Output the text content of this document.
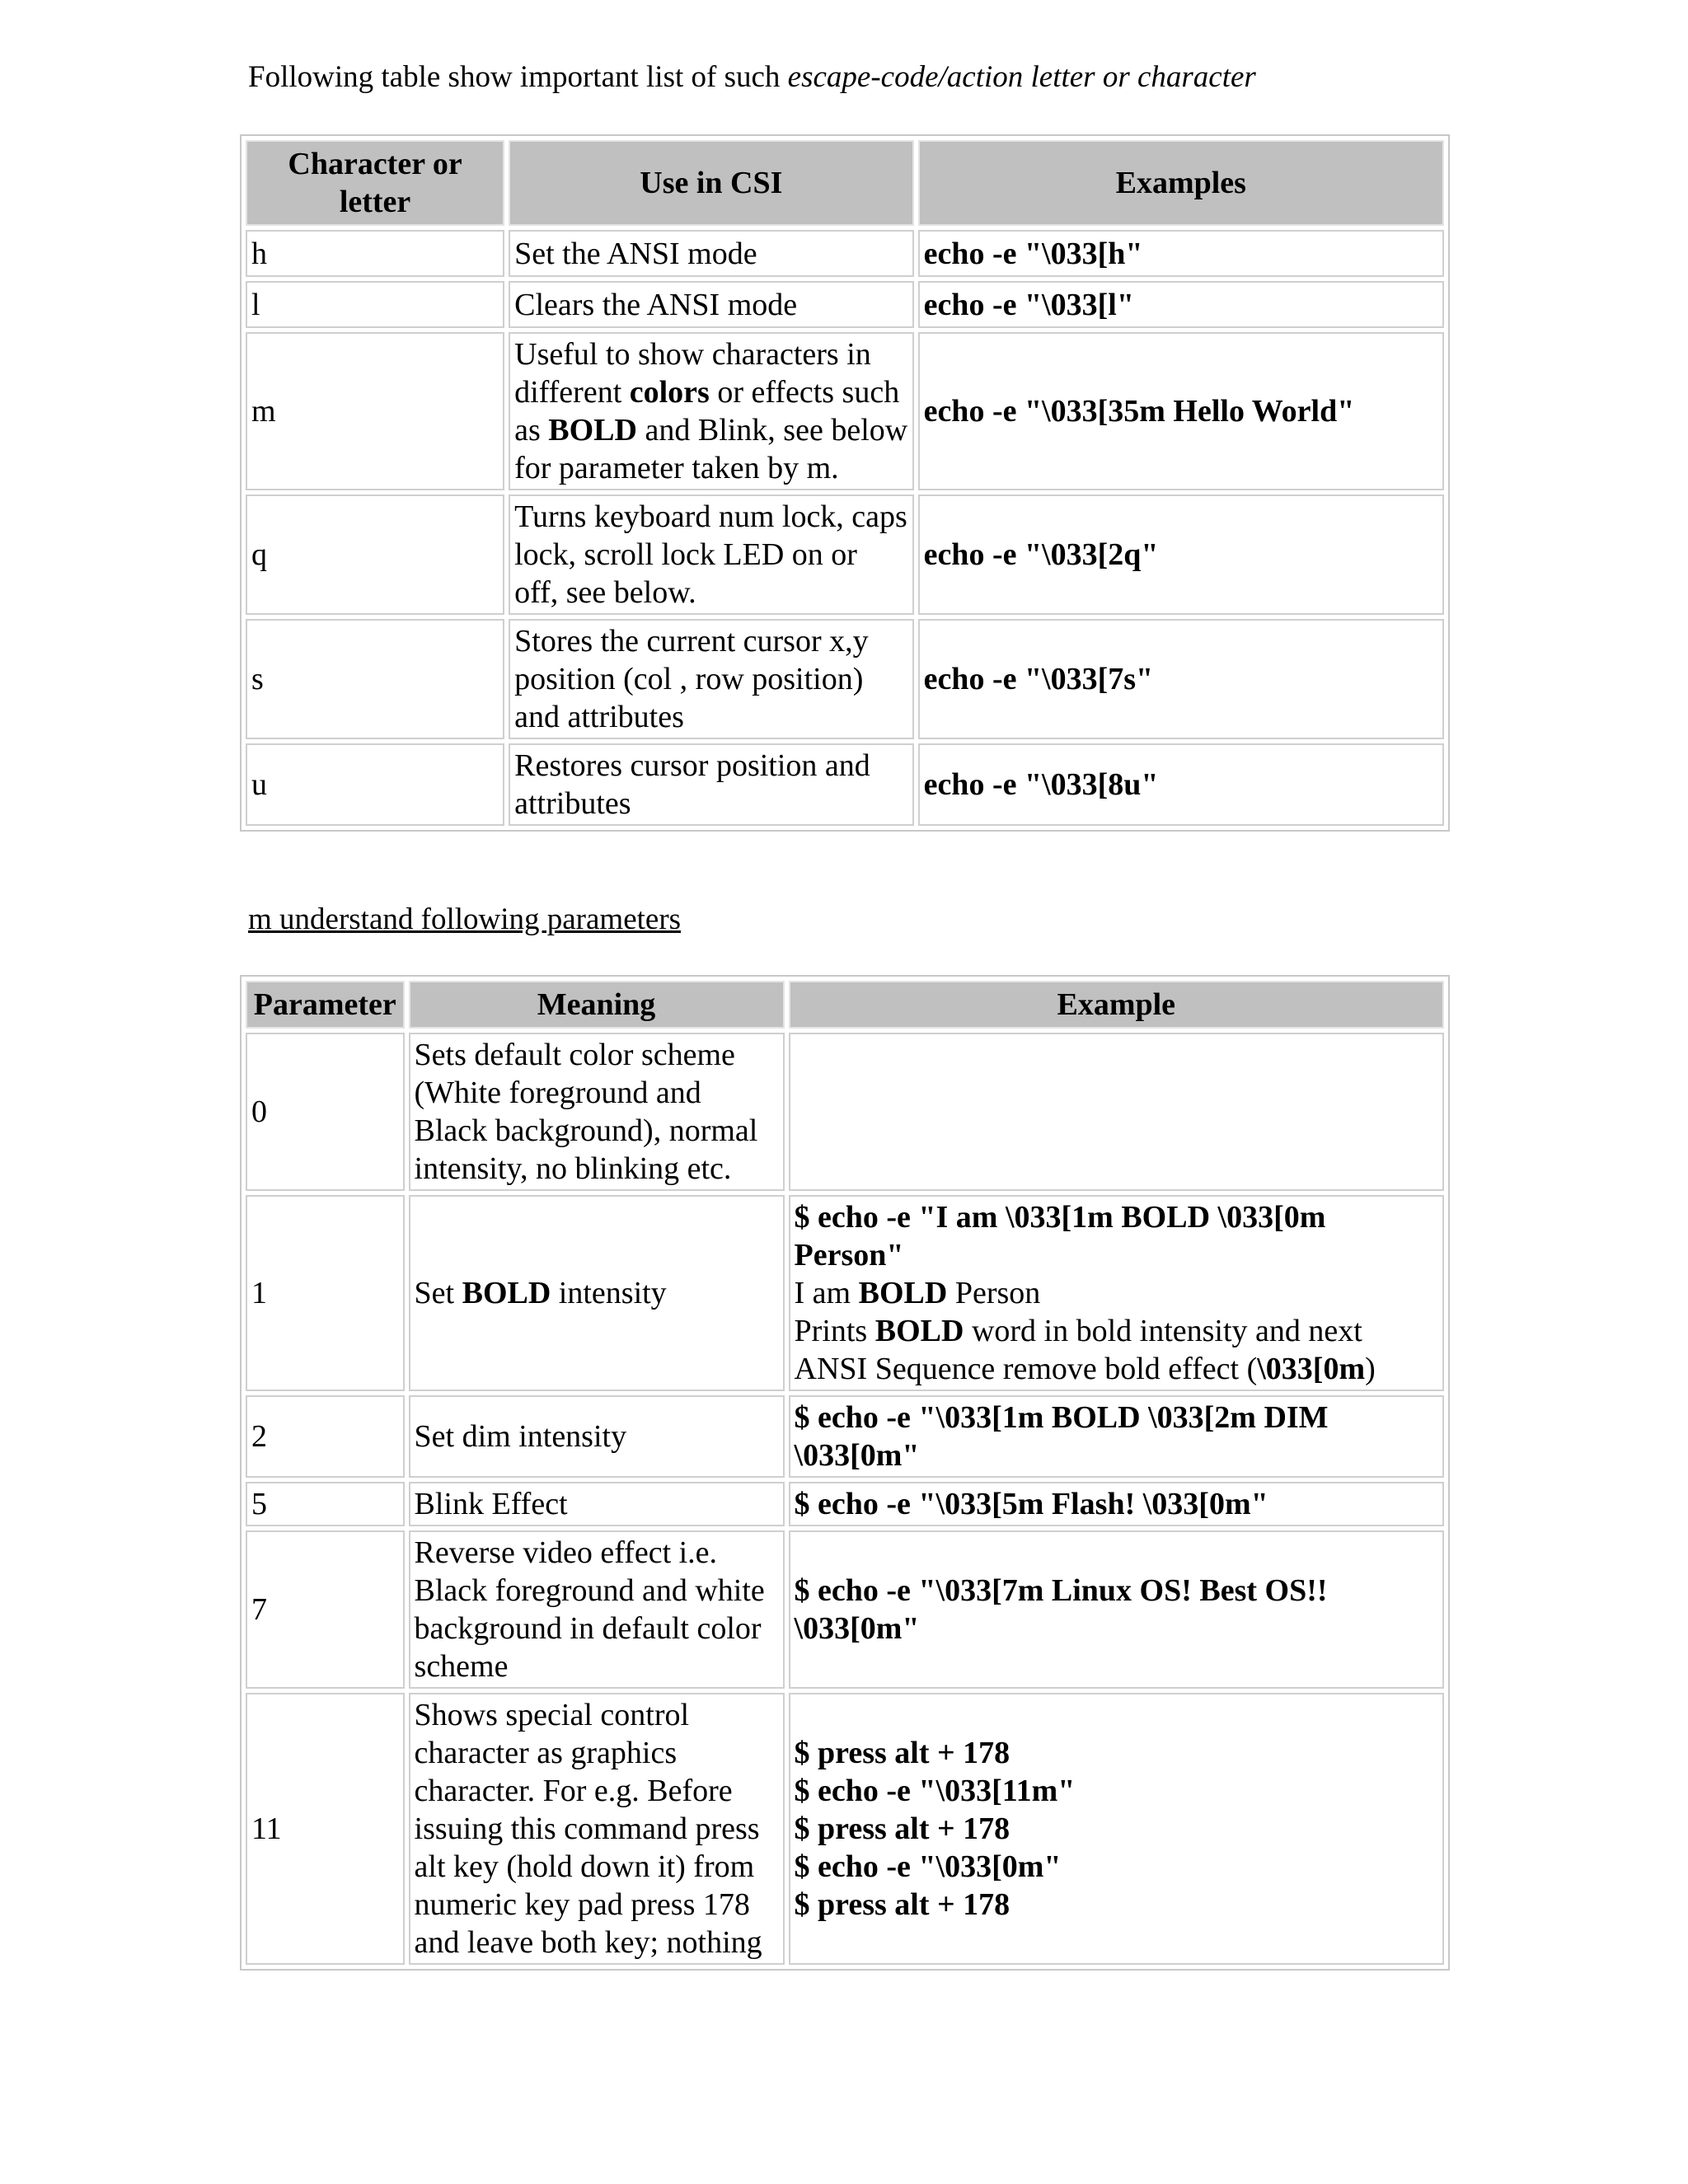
Following table show important list of such escape-code/action letter or character

Character or letter	Use in CSI	Examples
h	Set the ANSI mode	echo -e "\033[h"
l	Clears the ANSI mode	echo -e "\033[l"
m	Useful to show characters in different colors or effects such as BOLD and Blink, see below for parameter taken by m.	echo -e "\033[35m Hello World"
q	Turns keyboard num lock, caps lock, scroll lock LED on or off, see below.	echo -e "\033[2q"
s	Stores the current cursor x,y position (col , row position) and attributes	echo -e "\033[7s"
u	Restores cursor position and attributes	echo -e "\033[8u"

m understand following parameters

Parameter	Meaning	Example
0	Sets default color scheme (White foreground and Black background), normal intensity, no blinking etc.	
1	Set BOLD intensity	$ echo -e "I am \033[1m BOLD \033[0m Person"
I am BOLD Person
Prints BOLD word in bold intensity and next ANSI Sequence remove bold effect (\033[0m)

2	Set dim intensity	$ echo -e "\033[1m BOLD \033[2m DIM \033[0m"
5	Blink Effect	$ echo -e "\033[5m Flash! \033[0m"
7	Reverse video effect i.e. Black foreground and white background in default color scheme	$ echo -e "\033[7m Linux OS! Best OS!! \033[0m"
11	Shows special control character as graphics character. For e.g. Before issuing this command press alt key (hold down it) from numeric key pad press 178 and leave both key; nothing	$ press alt + 178
$ echo -e "\033[11m"
$ press alt + 178
$ echo -e "\033[0m"
$ press alt + 178
